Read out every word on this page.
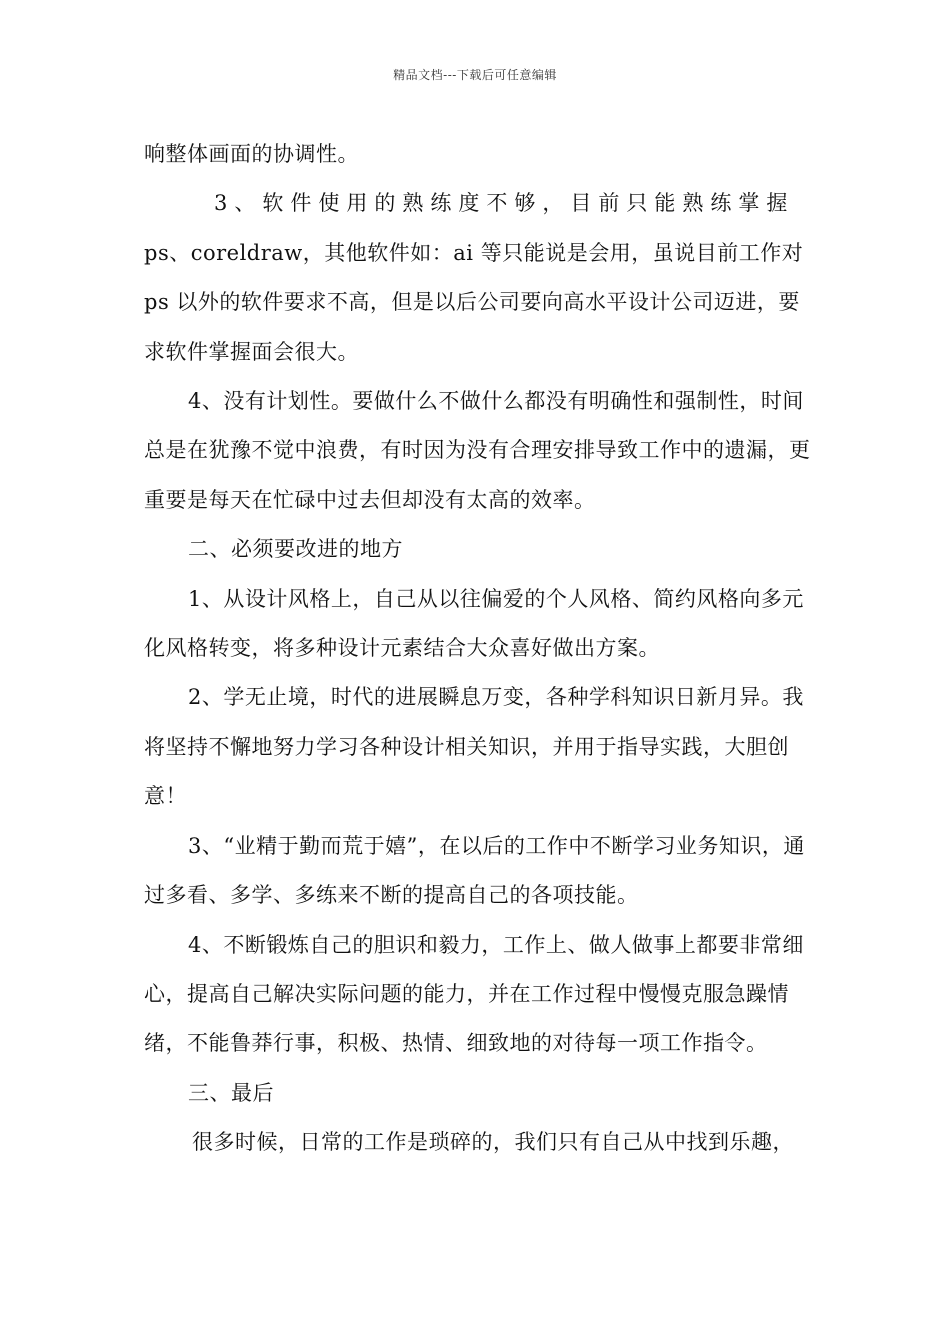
精品文档---下载后可任意编辑

响整体画面的协调性。

3、软件使用的熟练度不够，目前只能熟练掌握

ps、coreldraw，其他软件如：ai 等只能说是会用，虽说目前工作对 ps 以外的软件要求不高，但是以后公司要向高水平设计公司迈进，要求软件掌握面会很大。

4、没有计划性。要做什么不做什么都没有明确性和强制性，时间总是在犹豫不觉中浪费，有时因为没有合理安排导致工作中的遗漏，更重要是每天在忙碌中过去但却没有太高的效率。

二、必须要改进的地方

1、从设计风格上，自己从以往偏爱的个人风格、简约风格向多元化风格转变，将多种设计元素结合大众喜好做出方案。

2、学无止境，时代的进展瞬息万变，各种学科知识日新月异。我将坚持不懈地努力学习各种设计相关知识，并用于指导实践，大胆创意！

3、“业精于勤而荒于嬉”，在以后的工作中不断学习业务知识，通过多看、多学、多练来不断的提高自己的各项技能。

4、不断锻炼自己的胆识和毅力，工作上、做人做事上都要非常细心，提高自己解决实际问题的能力，并在工作过程中慢慢克服急躁情绪，不能鲁莽行事，积极、热情、细致地的对待每一项工作指令。

三、最后

很多时候，日常的工作是琐碎的，我们只有自己从中找到乐趣，
